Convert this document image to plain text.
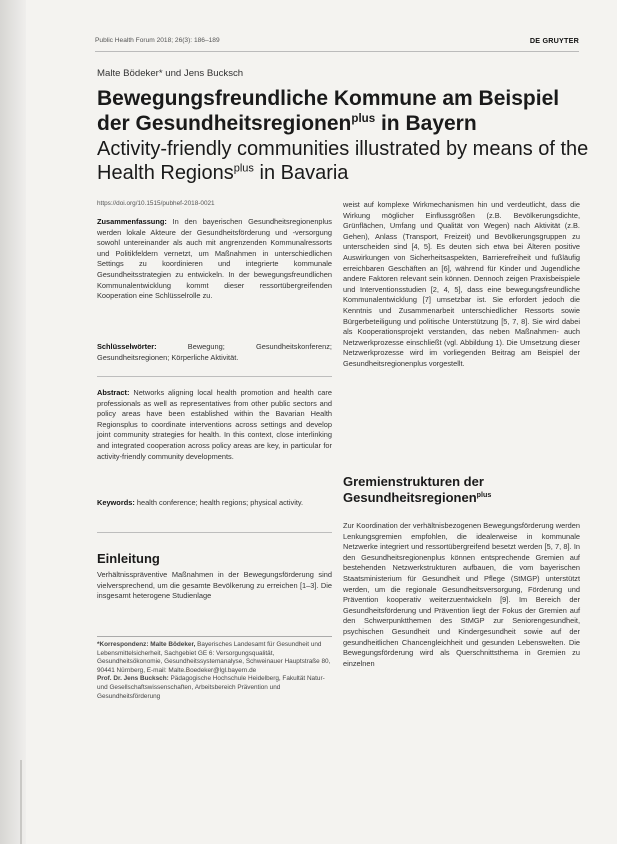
Public Health Forum 2018; 26(3): 186–189	DE GRUYTER
Malte Bödeker* und Jens Bucksch
Bewegungsfreundliche Kommune am Beispiel der Gesundheitsregionen$^{plus}$ in Bayern
Activity-friendly communities illustrated by means of the Health Regions$^{plus}$ in Bavaria
https://doi.org/10.1515/pubhef-2018-0021

Zusammenfassung: In den bayerischen Gesundheitsregionenplus werden lokale Akteure der Gesundheitsförderung und -versorgung sowohl untereinander als auch mit angrenzenden Kommunalressorts und Politikfeldern vernetzt, um Maßnahmen in unterschiedlichen Settings zu koordinieren und integrierte kommunale Gesundheitsstrategien zu entwickeln. In der bewegungsfreundlichen Kommunalentwicklung kommt dieser ressortübergreifenden Kooperation eine Schlüsselrolle zu.

Schlüsselwörter: Bewegung; Gesundheitskonferenz; Gesundheitsregionen; Körperliche Aktivität.

Abstract: Networks aligning local health promotion and health care professionals as well as representatives from other public sectors and policy areas have been established within the Bavarian Health Regionsplus to coordinate interventions across settings and develop joint community strategies for health. In this context, close interlinking and integrated cooperation across policy areas are key, in particular for activity-friendly community developments.

Keywords: health conference; health regions; physical activity.

Einleitung

Verhältnisspräventive Maßnahmen in der Bewegungsförderung sind vielversprechend, um die gesamte Bevölkerung zu erreichen [1–3]. Die insgesamt heterogene Studienlage

*Korrespondenz: Malte Bödeker, Bayerisches Landesamt für Gesundheit und Lebensmittelsicherheit, Sachgebiet GE 6: Versorgungsqualität, Gesundheitsökonomie, Gesundheitssystemanalyse, Schweinauer Hauptstraße 80, 90441 Nürnberg, E-mail: Malte.Boedeker@lgl.bayern.de
Prof. Dr. Jens Bucksch: Pädagogische Hochschule Heidelberg, Fakultät Natur- und Gesellschaftswissenschaften, Arbeitsbereich Prävention und Gesundheitsförderung

weist auf komplexe Wirkmechanismen hin und verdeutlicht, dass die Wirkung möglicher Einflussgrößen (z.B. Bevölkerungsdichte, Grünflächen, Umfang und Qualität von Wegen) nach Aktivität (z.B. Gehen), Anlass (Transport, Freizeit) und Bevölkerungsgruppen zu unterscheiden sind [4, 5]. Es deuten sich etwa bei Älteren positive Auswirkungen von Sicherheitsaspekten, Barrierefreiheit und fußläufig erreichbaren Geschäften an [6], während für Kinder und Jugendliche andere Faktoren relevant sein können. Dennoch zeigen Praxisbeispiele und Interventionsstudien [2, 4, 5], dass eine bewegungsfreundliche Kommunalentwicklung [7] umsetzbar ist. Sie erfordert jedoch die Kenntnis und Zusammenarbeit unterschiedlicher Ressorts sowie Bürgerbeteiligung und politische Unterstützung [5, 7, 8]. Sie wird dabei als Kooperationsprojekt verstanden, das neben Maßnahmen- auch Netzwerkprozesse einschließt (vgl. Abbildung 1). Die Umsetzung dieser Netzwerkprozesse wird im vorliegenden Beitrag am Beispiel der Gesundheitsregionenplus vorgestellt.

Gremienstrukturen der Gesundheitsregionen$^{plus}$

Zur Koordination der verhältnisbezogenen Bewegungsförderung werden Lenkungsgremien empfohlen, die idealerweise in kommunale Netzwerke integriert und ressortübergreifend besetzt werden [5, 7, 8]. In den Gesundheitsregionenplus können entsprechende Gremien auf bestehenden Netzwerkstrukturen aufbauen, die vom bayerischen Staatsministerium für Gesundheit und Pflege (StMGP) unterstützt werden, um die regionale Gesundheitsversorgung, Förderung und Prävention kooperativ weiterzuentwickeln [9]. Im Bereich der Gesundheitsförderung und Prävention liegt der Fokus der Gremien auf den Schwerpunktthemen des StMGP zur Seniorengesundheit, psychischen Gesundheit und Kindergesundheit sowie auf der gesundheitlichen Chancengleichheit und gesunden Lebenswelten. Die Bewegungsförderung wird als Querschnittsthema in Gremien zu einzelnen
